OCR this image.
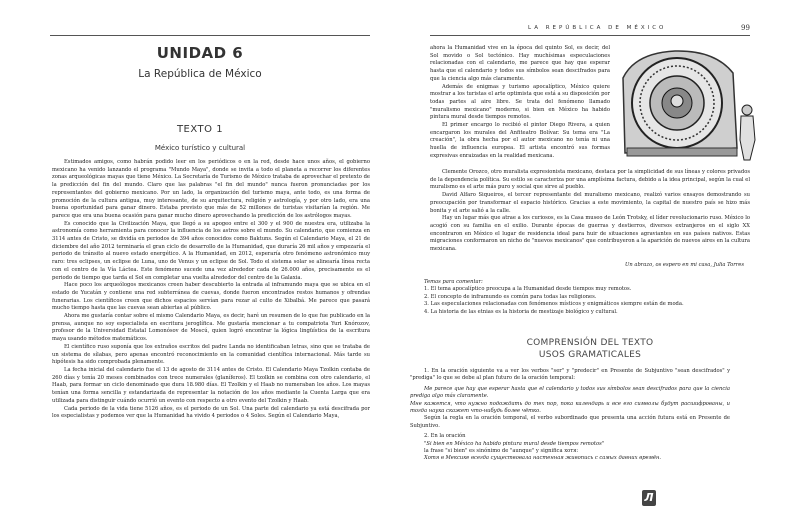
UNIDAD 6
La República de México
TEXTO 1
México turístico y cultural

Estimados amigos, como habrán podido leer en los periódicos o en la red, desde hace unos años, el gobierno mexicano ha venido lanzando el programa "Mundo Maya", donde se invita a todo el planeta a recorrer los diferentes zonas arqueológicas mayas que tiene México. La Secretaría de Turismo de México trataba de aprovechar el pretexto de la predicción del fin del mundo. Claro que las palabras "el fin del mundo" nunca fueron pronunciadas por los representantes del gobierno mexicano. Por un lado, la organización del turismo maya, ante todo, es una forma de promoción de la cultura antigua, muy interesante, de su arquitectura, religión y astrología, y por otro lado, era una buena oportunidad para ganar dinero. Estaba previsto que más de 52 millones de turistas visitarían la región. Me parece que era una buena ocasión para ganar mucho dinero aprovechando la predicción de los astrólogos mayas.

Es conocido que la Civilización Maya, que llegó a su apogeo entre el 300 y el 900 de nuestra era, utilizaba la astronomía como herramienta para conocer la influencia de los astros sobre el mundo. Su calendario, que comienza en 3114 antes de Cristo, se dividía en periodos de 394 años conocidos como Baktuns. Según el Calendario Maya, el 21 de diciembre del año 2012 terminaría el gran ciclo de desarrollo de la Humanidad, que duraría 26 mil años y empezaría el periodo de tránsito al nuevo estado energético. A la Humanidad, en 2012, esperaría otro fenómeno astronómico muy raro: tres eclipses, un eclipse de Luna, uno de Venus y un eclipse de Sol. Todo el sistema solar se alinearía línea recta con el centro de la Vía Láctea. Este fenómeno sucede una vez alrededor cada de 26.000 años, precisamente es el periodo de tiempo que tarda el Sol en completar una vuelta alrededor del centro de la Galaxia.

Hace poco los arqueólogos mexicanos creen haber descubierto la entrada al inframundo maya que se ubica en el estado de Yucatán y contiene una red subterránea de cuevas, donde fueron encontrados restos humanos y ofrendas funerarias. Los científicos creen que dichos espacios servían para rezar al culto de Xibalbá. Me parece que pasará mucho tiempo hasta que las cuevas sean abiertas al público.

Ahora me gustaría contar sobre el mismo Calendario Maya, es decir, haré un resumen de lo que fue publicado en la prensa, aunque no soy especialista en escritura jeroglífica. Me gustaría mencionar a tu compatriota Yuri Knórozov, profesor de la Universidad Estatal Lomonósov de Moscú, quien logró encontrar la lógica lingüística de la escritura maya usando métodos matemáticos.

El científico ruso suponía que los extraños escritos del padre Landa no identificaban letras, sino que se trataba de un sistema de sílabas, pero apenas encontró reconocimiento en la comunidad científica internacional. Más tarde su hipótesis ha sido comprobada plenamente.

La fecha inicial del calendario fue el 13 de agosto de 3114 antes de Cristo. El Calendario Maya Tzolkin contaba de 260 días y tenía 20 meses combinados con trece numerales (glaníferos). El tzolkin se combina con otro calendario, el Haab, para formar un ciclo denominado que dura 18.980 días. El Tzolkin y el Haab no numeraban los años. Los mayas tenían una forma sencilla y estandarizada de representar la notación de los años mediante la Cuenta Larga que era utilizada para distinguir cuándo ocurrió un evento con respecto a otro evento del Tzolkin y Haab.

Cada periodo de la vida tiene 5126 años, es el periodo de un Sol. Una parte del calendario ya está descifrada por los especialistas y podemos ver que la Humanidad ha vivido 4 periodos o 4 Soles. Según el Calendario Maya,

LA REPÚBLICA DE MÉXICO	99

ahora la Humanidad vive en la época del quinto Sol, es decir, del Sol movido o Sol tectónico. Hay muchísimas especulaciones relacionadas con el calendario, me parece que hay que esperar hasta que el calendario y todos sus símbolos sean descifrados para que la ciencia algo más claramente.

Además de enigmas y turismo apocalíptico, México quiere mostrar a los turistas el arte optimista que está a su disposición por todas partes al aire libre. Se trata del fenómeno llamado "muralismo mexicano" moderno, si bien en México ha habido pintura mural desde tiempos remotos.

El primer encargo lo recibió el pintor Diego Rivera, a quien encargaron los murales del Anfiteatro Bolívar. Su tema era "La creación", la obra hecha por el autor mexicano no tenía ni una huella de influencia europea. El artista encontró sus formas expresivas enraizadas en la realidad mexicana.

Clemente Orozco, otro muralista expresionista mexicano, destaca por la simplicidad de sus líneas y colores privados de la dependencia política. Su estilo se caracteriza por una amplísima factura, debido a la idea principal, según la cual el muralismo es el arte más puro y social que sirve al pueblo.

David Alfaro Siqueiros, el tercer representante del muralismo mexicano, realizó varios ensayos demostrando su preocupación por transformar el espacio histórico. Gracias a este movimiento, la capital de nuestro país se hizo más bonita y el arte salió a la calle.

Hay un lugar más que atrae a los curiosos, es la Casa museo de León Trotsky, el líder revolucionario ruso. México lo acogió con su familia en el exilio. Durante épocas de guerras y destierros, diversos extranjeros en el siglo XX encontraron en México el lugar de residencia ideal para huir de situaciones agraviantes en sus países nativos. Estas migraciones conformaron un nicho de "nuevos mexicanos" que contribuyeron a la aparición de nuevos aires en la cultura mexicana.

Un abrazo, os espero en mi casa, Julia Torres
Temas para comentar:
1. El tema apocalíptico preocupa a la Humanidad desde tiempos muy remotos.
2. El concepto de inframundo es común para todas las religiones.
3. Las especulaciones relacionadas con fenómenos místicos y enigmáticos siempre están de moda.
4. La historia de las etnias es la historia de mestizaje biológico y cultural.
COMPRENSIÓN DEL TEXTO
USOS GRAMATICALES

1. En la oración siguiente va a ver los verbos "ser" y "predecir" en Presente de Subjuntivo "sean descifrados" y "prediga" lo que se debe al plan futuro de la oración temporal:

Me parece que hay que esperar hasta que el calendario y todos sus símbolos sean descifrados para que la ciencia prediga algo más claramente.

Мне кажется, что нужно подождать до тех пор, пока календарь и все его символы будут расшифрованы, и тогда наука скажет что-нибудь более чётко.

Según la regla en la oración temporal, el verbo subordinado que presenta una acción futura está en Presente de Subjuntivo.

2. En la oración

"Si bien en México ha habido pintura mural desde tiempos remotos"

la frase "si bien" es sinónimo de "aunque" y significa хотя:

Хотя в Мексике всегда существовала настенная живопись с самых давних времён.

Л
